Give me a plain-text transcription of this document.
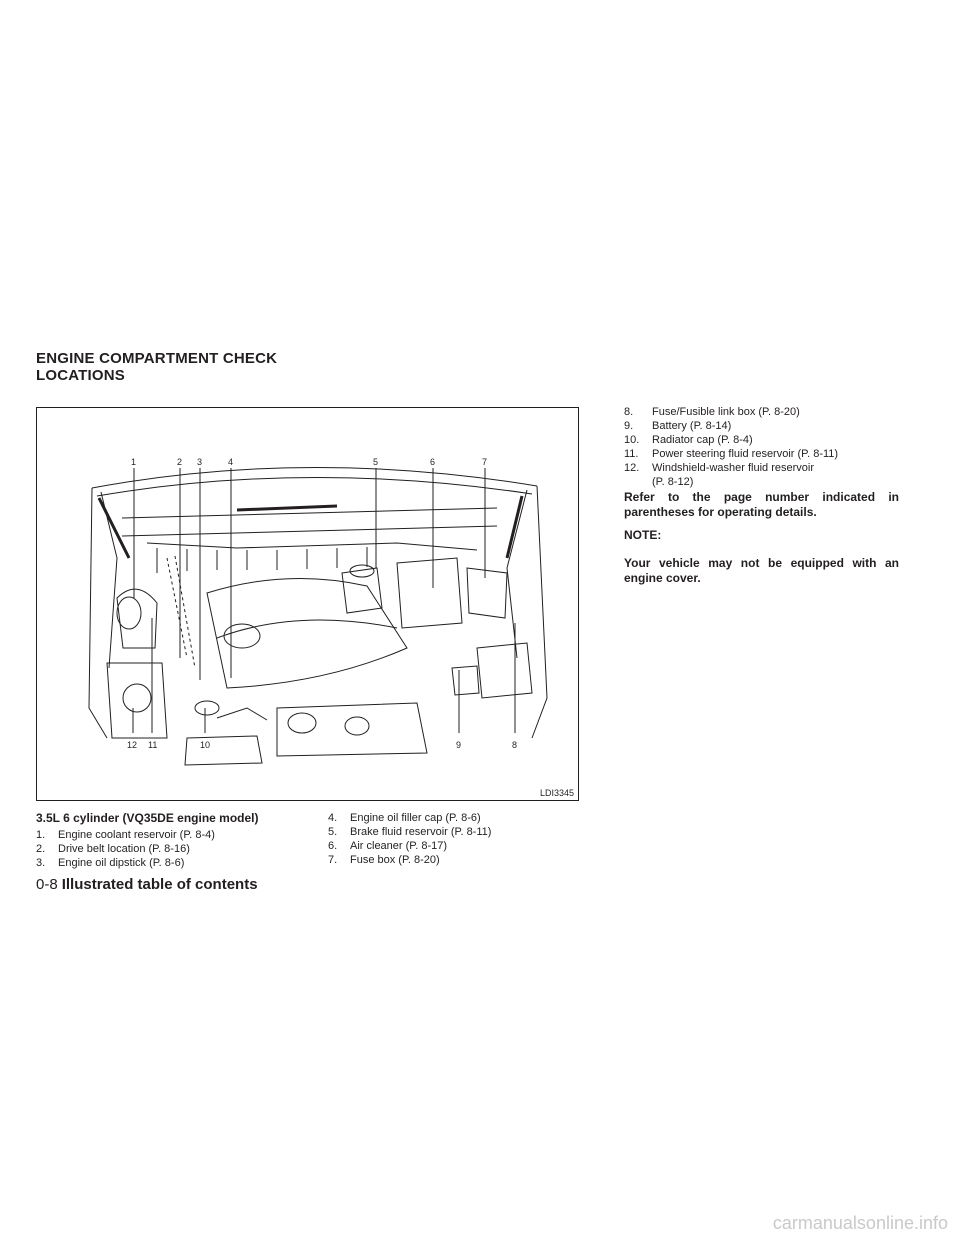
ENGINE COMPARTMENT CHECK
LOCATIONS
1	2 3	4	5	6	7
12 11	10	9	8
LDI3345

3.5L 6 cylinder (VQ35DE engine model)

1. Engine coolant reservoir (P. 8-4)
2. Drive belt location (P. 8-16)
3. Engine oil dipstick (P. 8-6)
4. Engine oil filler cap (P. 8-6)
5. Brake fluid reservoir (P. 8-11)
6. Air cleaner (P. 8-17)
7. Fuse box (P. 8-20)
8. Fuse/Fusible link box (P. 8-20)
9. Battery (P. 8-14)
10. Radiator cap (P. 8-4)
11. Power steering fluid reservoir (P. 8-11)
12. Windshield-washer fluid reservoir
(P. 8-12)

Refer to the page number indicated in parentheses for operating details.

NOTE:

Your vehicle may not be equipped with an engine cover.

0-8 Illustrated table of contents
carmanualsonline.info
